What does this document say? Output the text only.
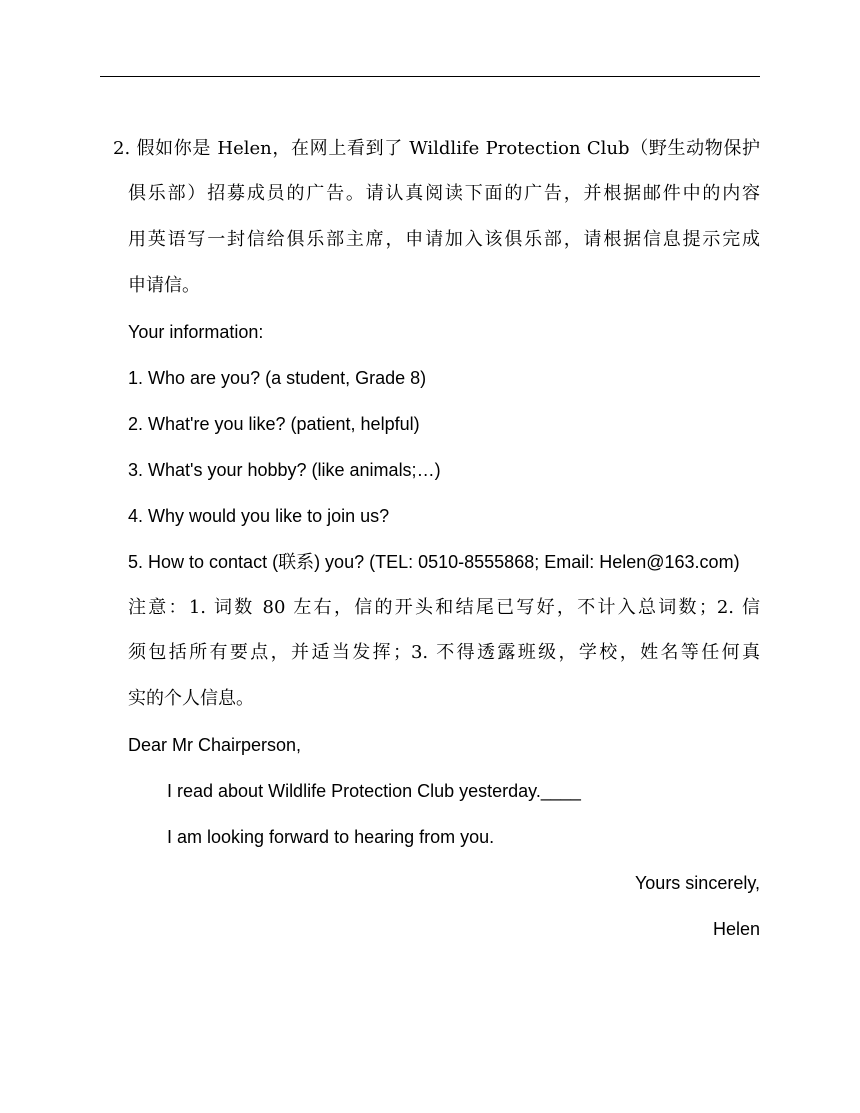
2. 假如你是 Helen，在网上看到了 Wildlife Protection Club（野生动物保护

俱乐部）招募成员的广告。请认真阅读下面的广告，并根据邮件中的内容

用英语写一封信给俱乐部主席，申请加入该俱乐部，请根据信息提示完成

申请信。

Your information:

1. Who are you? (a student, Grade 8)

2. What're you like? (patient, helpful)

3. What's your hobby? (like animals;…)

4. Why would you like to join us?

5. How to contact (联系) you? (TEL: 0510-8555868; Email: Helen@163.com)

注意：1. 词数 80 左右，信的开头和结尾已写好，不计入总词数；2. 信

须包括所有要点，并适当发挥；3. 不得透露班级，学校，姓名等任何真

实的个人信息。

Dear Mr Chairperson,

I read about Wildlife Protection Club yesterday.____

I am looking forward to hearing from you.

Yours sincerely,

Helen
